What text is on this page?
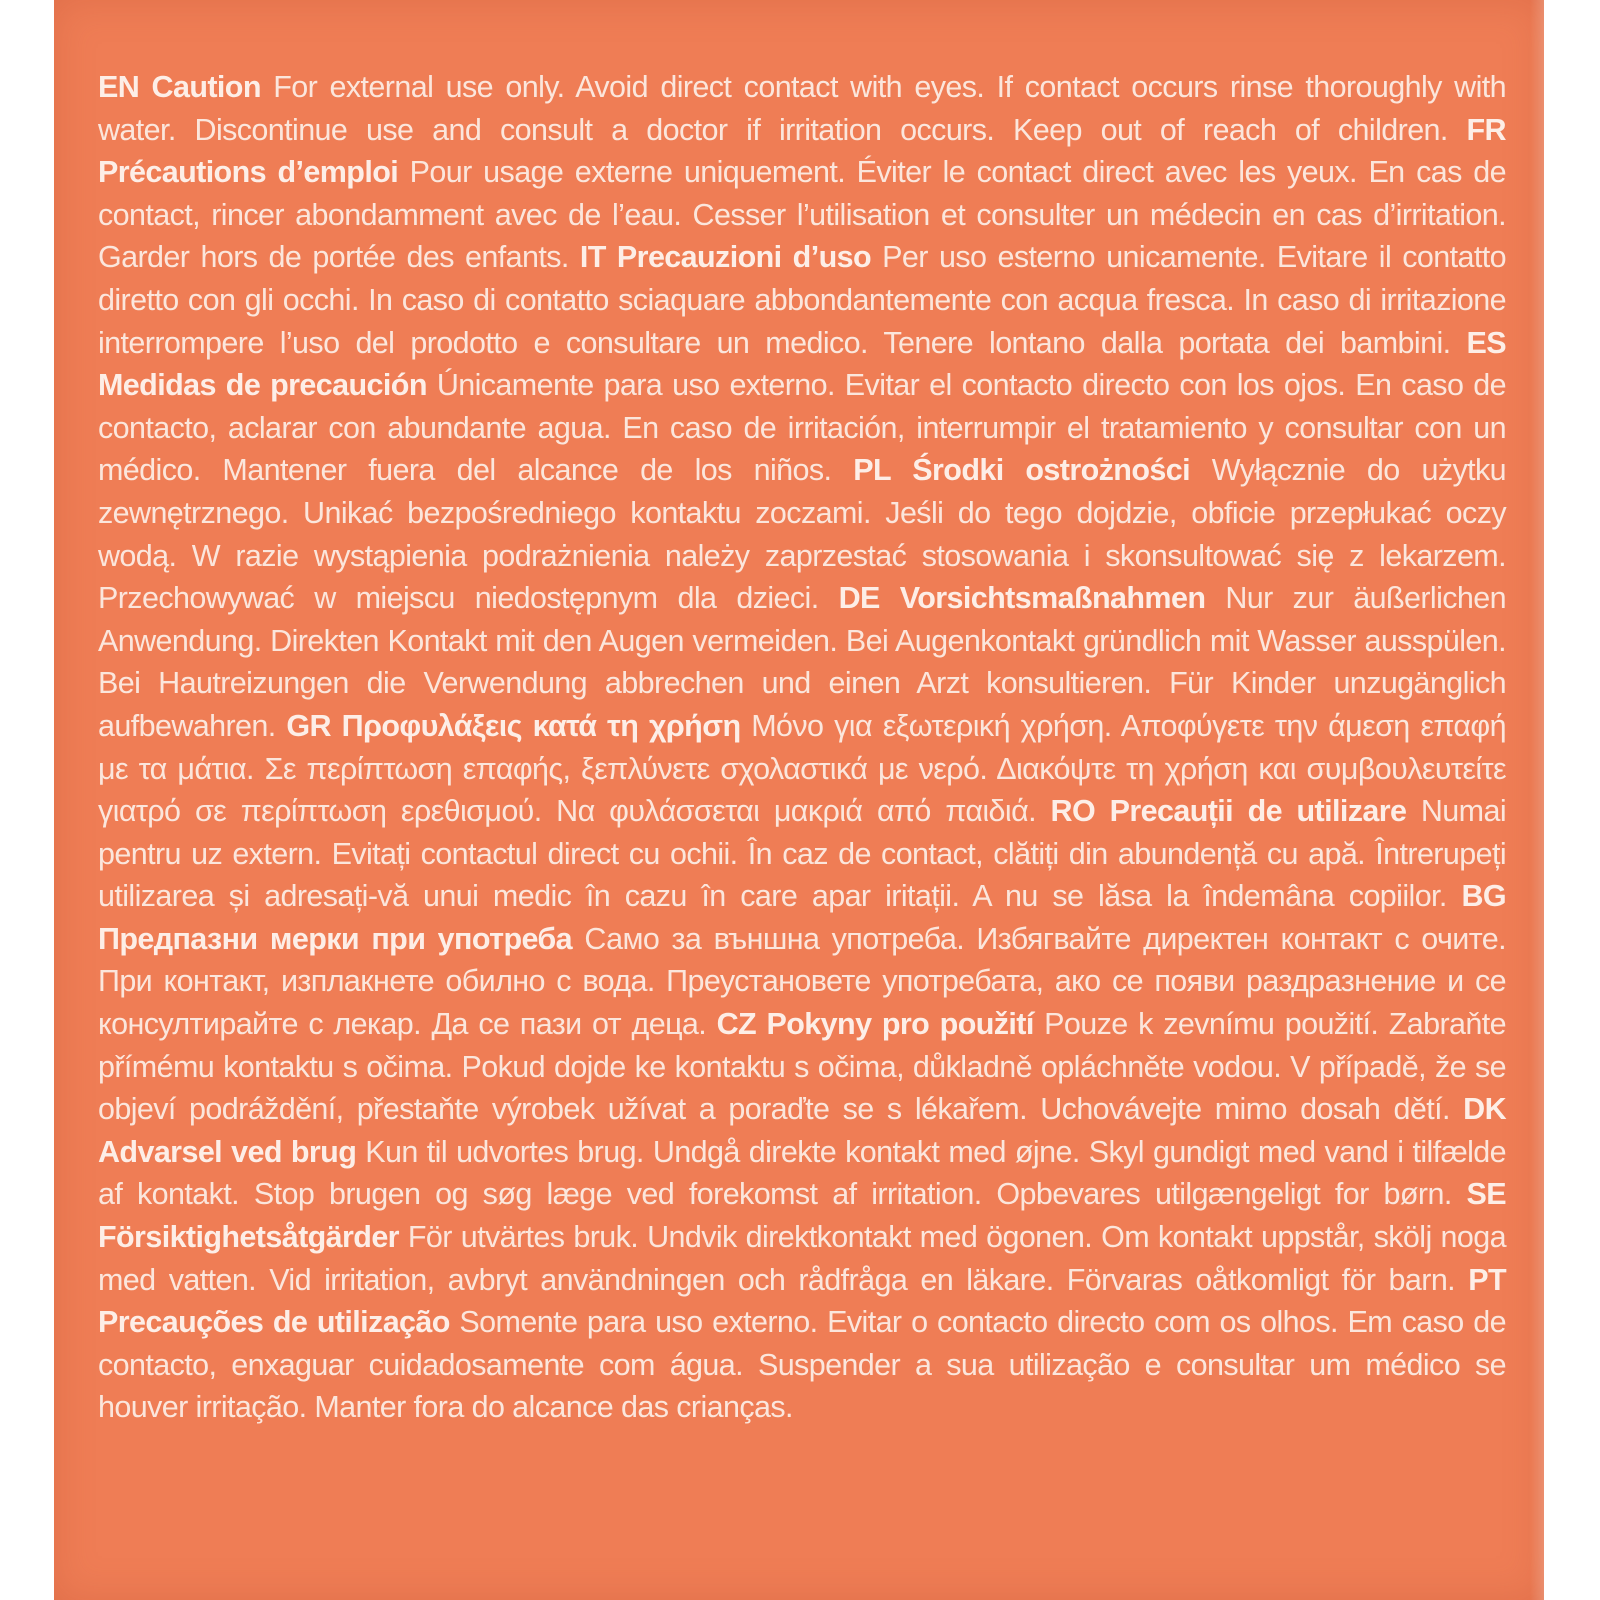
EN Caution For external use only. Avoid direct contact with eyes. If contact occurs rinse thoroughly with water. Discontinue use and consult a doctor if irritation occurs. Keep out of reach of children. FR Précautions d’emploi Pour usage externe uniquement. Éviter le contact direct avec les yeux. En cas de contact, rincer abondamment avec de l’eau. Cesser l’utilisation et consulter un médecin en cas d’irritation. Garder hors de portée des enfants. IT Precauzioni d’uso Per uso esterno unicamente. Evitare il contatto diretto con gli occhi. In caso di contatto sciaquare abbondantemente con acqua fresca. In caso di irritazione interrompere l’uso del prodotto e consultare un medico. Tenere lontano dalla portata dei bambini. ES Medidas de precaución Únicamente para uso externo. Evitar el contacto directo con los ojos. En caso de contacto, aclarar con abundante agua. En caso de irritación, interrumpir el tratamiento y consultar con un médico. Mantener fuera del alcance de los niños. PL Środki ostrożności Wyłącznie do użytku zewnętrznego. Unikać bezpośredniego kontaktu zoczami. Jeśli do tego dojdzie, obficie przepłukać oczy wodą. W razie wystąpienia podrażnienia należy zaprzestać stosowania i skonsultować się z lekarzem. Przechowywać w miejscu niedostępnym dla dzieci. DE Vorsichtsmaßnahmen Nur zur äußerlichen Anwendung. Direkten Kontakt mit den Augen vermeiden. Bei Augenkontakt gründlich mit Wasser ausspülen. Bei Hautreizungen die Verwendung abbrechen und einen Arzt konsultieren. Für Kinder unzugänglich aufbewahren. GR Προφυλάξεις κατά τη χρήση Μόνο για εξωτερική χρήση. Αποφύγετε την άμεση επαφή με τα μάτια. Σε περίπτωση επαφής, ξεπλύνετε σχολαστικά με νερό. Διακόψτε τη χρήση και συμβουλευτείτε γιατρό σε περίπτωση ερεθισμού. Να φυλάσσεται μακριά από παιδιά. RO Precauții de utilizare Numai pentru uz extern. Evitați contactul direct cu ochii. În caz de contact, clătiți din abundență cu apă. Întrerupeți utilizarea și adresați-vă unui medic în cazu în care apar iritații. A nu se lăsa la îndemâna copiilor. BG Предпазни мерки при употреба Само за външна употреба. Избягвайте директен контакт с очите. При контакт, изплакнете обилно с вода. Преустановете употребата, ако се появи раздразнение и се консултирайте с лекар. Да се пази от деца. CZ Pokyny pro použití Pouze k zevnímu použití. Zabraňte přímému kontaktu s očima. Pokud dojde ke kontaktu s očima, důkladně opláchněte vodou. V případě, že se objeví podráždění, přestaňte výrobek užívat a poraďte se s lékařem. Uchovávejte mimo dosah dětí. DK Advarsel ved brug Kun til udvortes brug. Undgå direkte kontakt med øjne. Skyl gundigt med vand i tilfælde af kontakt. Stop brugen og søg læge ved forekomst af irritation. Opbevares utilgængeligt for børn. SE Försiktighetsåtgärder För utvärtes bruk. Undvik direktkontakt med ögonen. Om kontakt uppstår, skölj noga med vatten. Vid irritation, avbryt användningen och rådfråga en läkare. Förvaras oåtkomligt för barn. PT Precauções de utilização Somente para uso externo. Evitar o contacto directo com os olhos. Em caso de contacto, enxaguar cuidadosamente com água. Suspender a sua utilização e consultar um médico se houver irritação. Manter fora do alcance das crianças.
